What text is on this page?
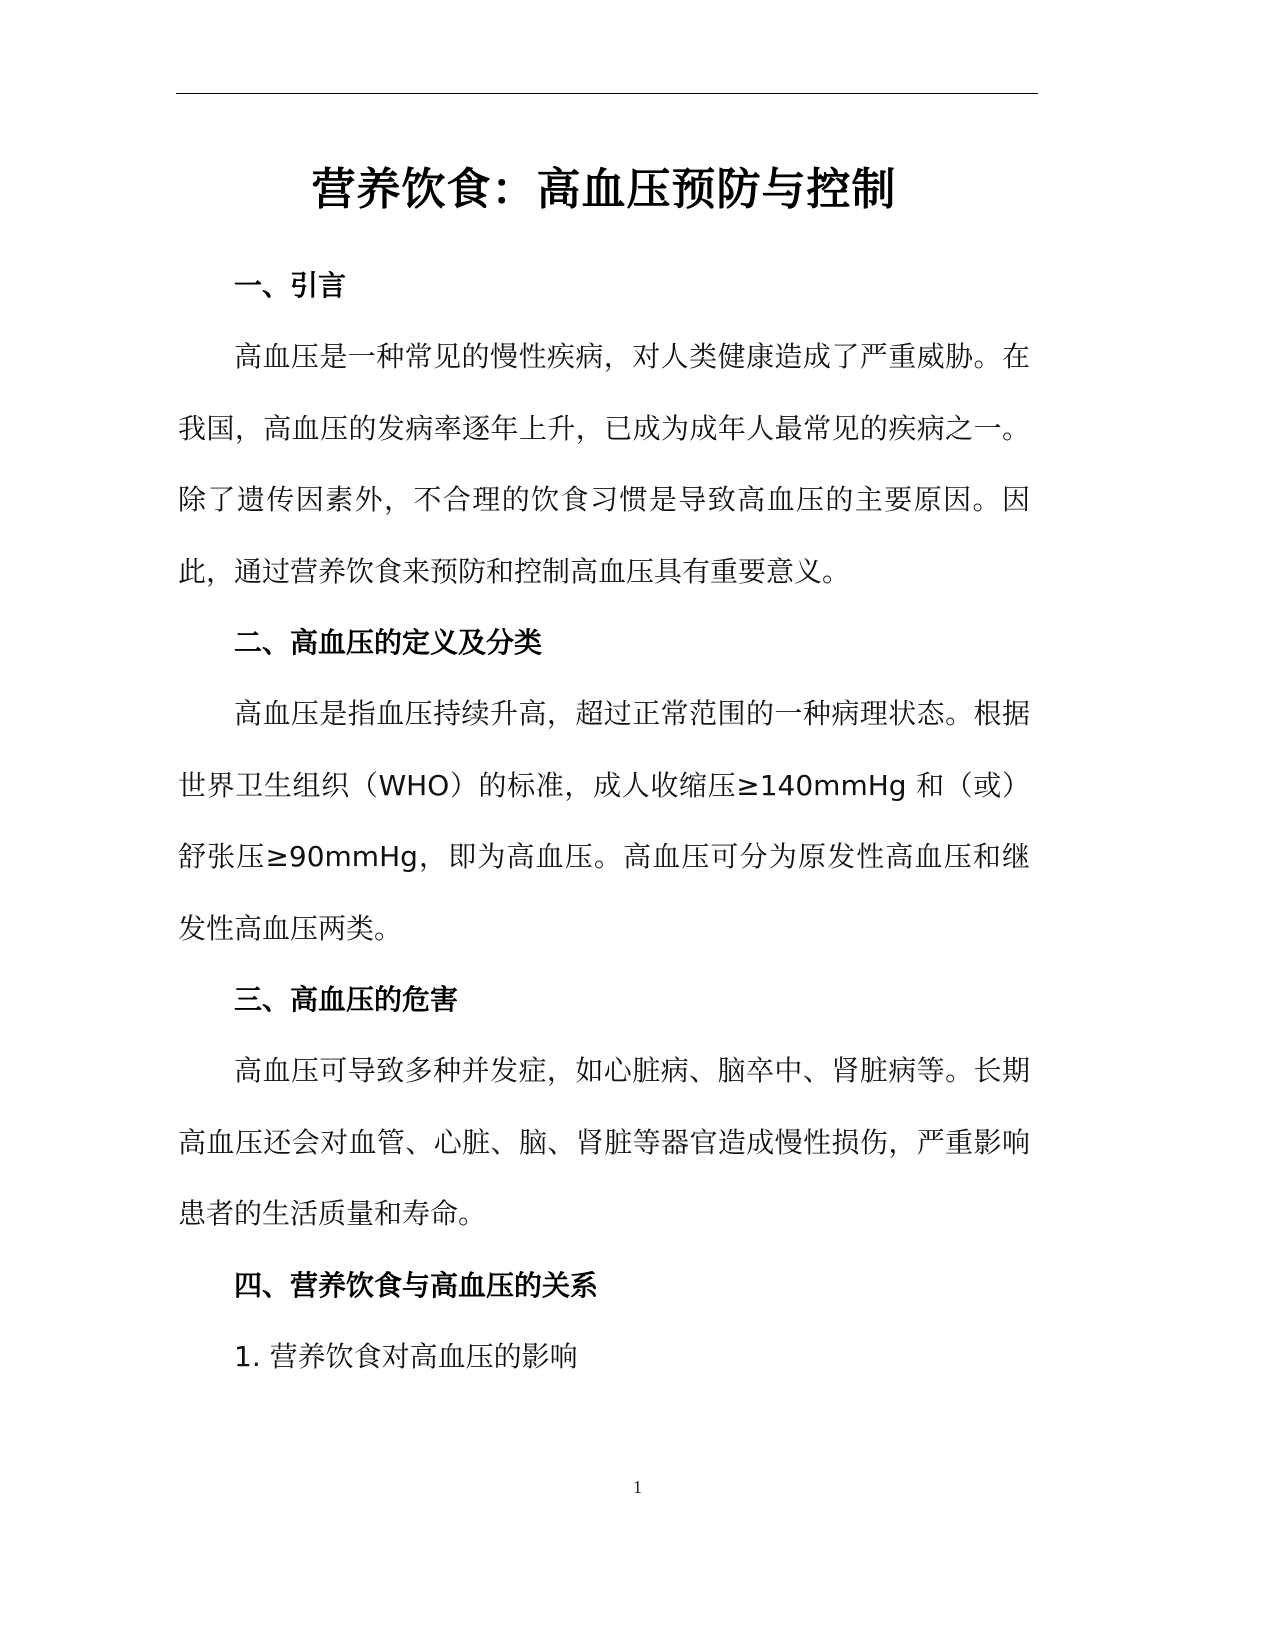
营养饮食：高血压预防与控制
一、引言

高血压是一种常见的慢性疾病，对人类健康造成了严重威胁。在我国，高血压的发病率逐年上升，已成为成年人最常见的疾病之一。除了遗传因素外，不合理的饮食习惯是导致高血压的主要原因。因此，通过营养饮食来预防和控制高血压具有重要意义。

二、高血压的定义及分类

高血压是指血压持续升高，超过正常范围的一种病理状态。根据世界卫生组织（WHO）的标准，成人收缩压≥140mmHg 和（或）舒张压≥90mmHg，即为高血压。高血压可分为原发性高血压和继发性高血压两类。

三、高血压的危害

高血压可导致多种并发症，如心脏病、脑卒中、肾脏病等。长期高血压还会对血管、心脏、脑、肾脏等器官造成慢性损伤，严重影响患者的生活质量和寿命。

四、营养饮食与高血压的关系

1. 营养饮食对高血压的影响

1
